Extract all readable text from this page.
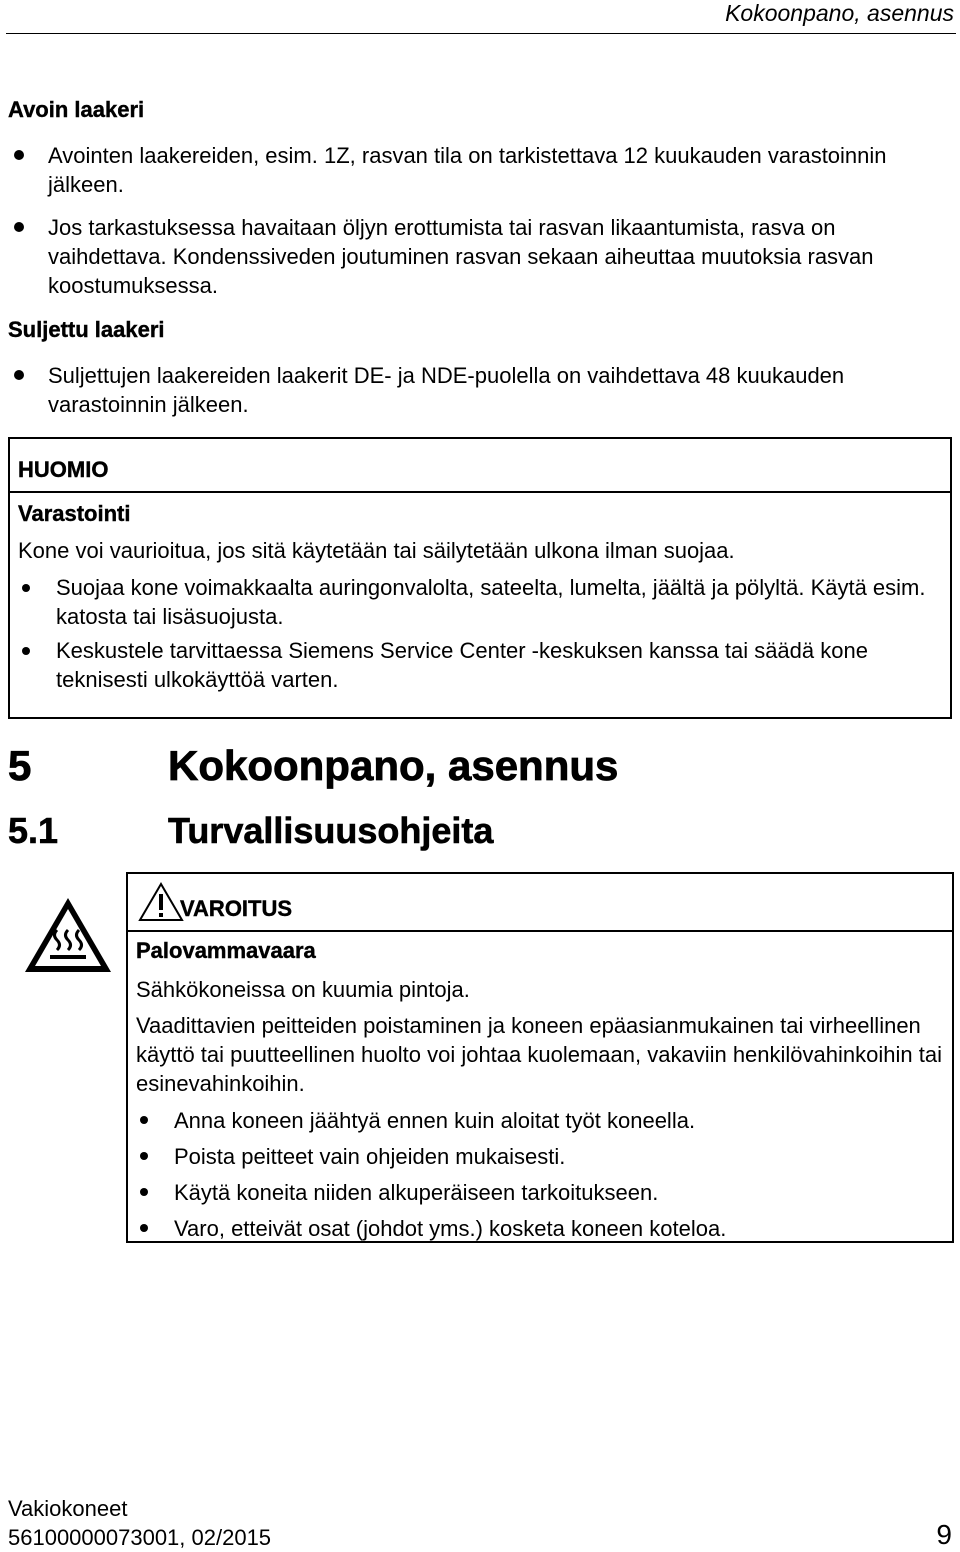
Kokoonpano, asennus
Avoin laakeri
Avointen laakereiden, esim. 1Z, rasvan tila on tarkistettava 12 kuukauden varastoinnin jälkeen.
Jos tarkastuksessa havaitaan öljyn erottumista tai rasvan likaantumista, rasva on vaihdettava. Kondenssiveden joutuminen rasvan sekaan aiheuttaa muutoksia rasvan koostumuksessa.
Suljettu laakeri
Suljettujen laakereiden laakerit DE- ja NDE-puolella on vaihdettava 48 kuukauden varastoinnin jälkeen.
HUOMIO
Varastointi
Kone voi vaurioitua, jos sitä käytetään tai säilytetään ulkona ilman suojaa.
Suojaa kone voimakkaalta auringonvalolta, sateelta, lumelta, jäältä ja pölyltä. Käytä esim. katosta tai lisäsuojusta.
Keskustele tarvittaessa Siemens Service Center -keskuksen kanssa tai säädä kone teknisesti ulkokäyttöä varten.
5	Kokoonpano, asennus
5.1	Turvallisuusohjeita
VAROITUS
Palovammavaara
Sähkökoneissa on kuumia pintoja.
Vaadittavien peitteiden poistaminen ja koneen epäasianmukainen tai virheellinen käyttö tai puutteellinen huolto voi johtaa kuolemaan, vakaviin henkilövahinkoihin tai esinevahinkoihin.
Anna koneen jäähtyä ennen kuin aloitat työt koneella.
Poista peitteet vain ohjeiden mukaisesti.
Käytä koneita niiden alkuperäiseen tarkoitukseen.
Varo, etteivät osat (johdot yms.) kosketa koneen koteloa.
Vakiokoneet
56100000073001, 02/2015	9
